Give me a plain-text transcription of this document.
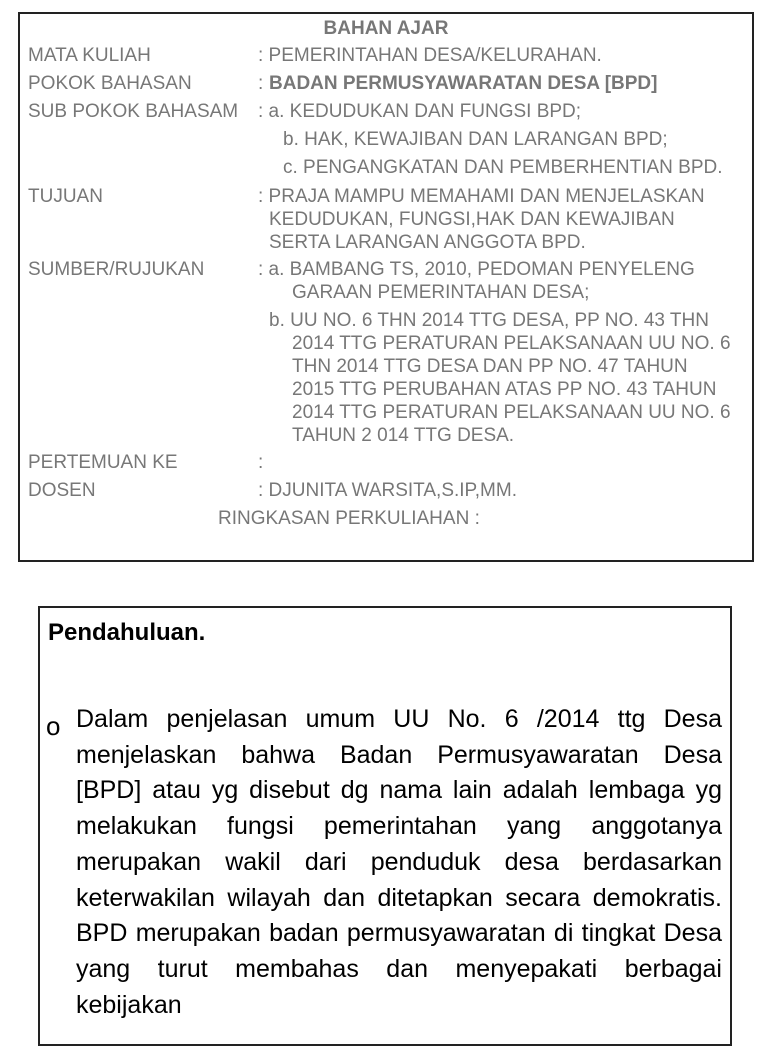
BAHAN AJAR
MATA KULIAH	: PEMERINTAHAN DESA/KELURAHAN.
POKOK BAHASAN	: BADAN PERMUSYAWARATAN DESA [BPD]
SUB POKOK BAHASAM : a. KEDUDUKAN DAN FUNGSI BPD;
b. HAK, KEWAJIBAN DAN LARANGAN BPD;
c. PENGANGKATAN DAN PEMBERHENTIAN BPD.
TUJUAN	: PRAJA MAMPU MEMAHAMI DAN MENJELASKAN
KEDUDUKAN, FUNGSI,HAK DAN KEWAJIBAN
SERTA LARANGAN ANGGOTA BPD.
SUMBER/RUJUKAN	: a. BAMBANG TS, 2010, PEDOMAN PENYELENG
GARAAN PEMERINTAHAN DESA;
b. UU NO. 6 THN 2014 TTG DESA, PP NO. 43 THN
2014 TTG PERATURAN PELAKSANAAN UU NO. 6
THN 2014 TTG DESA DAN PP NO. 47 TAHUN
2015 TTG PERUBAHAN ATAS PP NO. 43 TAHUN
2014 TTG PERATURAN PELAKSANAAN UU NO. 6
TAHUN 2 014 TTG DESA.
PERTEMUAN KE	:
DOSEN	: DJUNITA WARSITA,S.IP,MM.
RINGKASAN PERKULIAHAN :
Pendahuluan.
o Dalam penjelasan umum UU No. 6 /2014 ttg Desa menjelaskan bahwa Badan Permusyawaratan Desa [BPD] atau yg disebut dg nama lain adalah lembaga yg melakukan fungsi pemerintahan yang anggotanya merupakan wakil dari penduduk desa berdasarkan keterwakilan wilayah dan ditetapkan secara demokratis. BPD merupakan badan permusyawaratan di tingkat Desa yang turut membahas dan menyepakati berbagai kebijakan
